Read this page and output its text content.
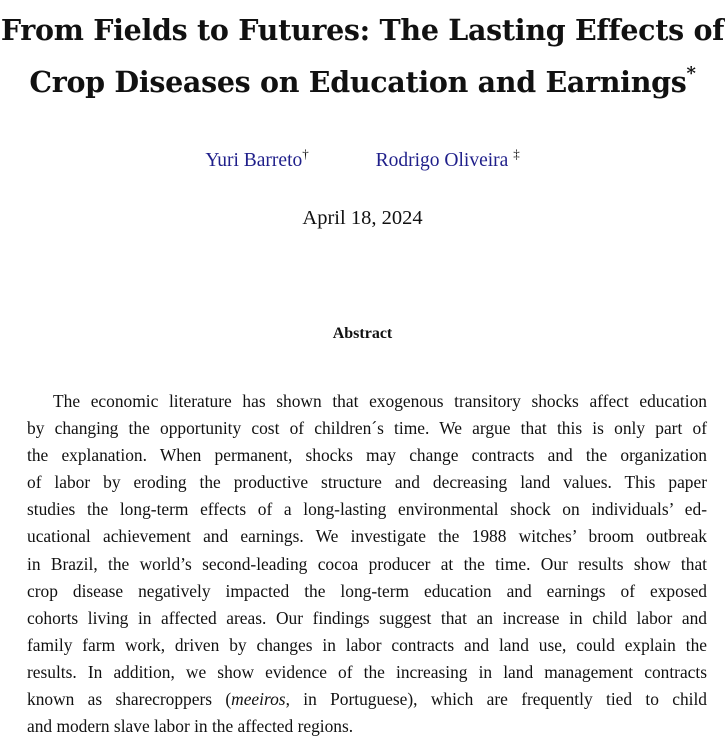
From Fields to Futures: The Lasting Effects of
Crop Diseases on Education and Earnings*
Yuri Barreto†	Rodrigo Oliveira ‡
April 18, 2024
Abstract
The economic literature has shown that exogenous transitory shocks affect education
by changing the opportunity cost of children´s time. We argue that this is only part of
the explanation. When permanent, shocks may change contracts and the organization
of labor by eroding the productive structure and decreasing land values. This paper
studies the long-term effects of a long-lasting environmental shock on individuals’ ed-
ucational achievement and earnings. We investigate the 1988 witches’ broom outbreak
in Brazil, the world’s second-leading cocoa producer at the time. Our results show that
crop disease negatively impacted the long-term education and earnings of exposed
cohorts living in affected areas. Our findings suggest that an increase in child labor and
family farm work, driven by changes in labor contracts and land use, could explain the
results. In addition, we show evidence of the increasing in land management contracts
known as sharecroppers (meeiros, in Portuguese), which are frequently tied to child
and modern slave labor in the affected regions.
